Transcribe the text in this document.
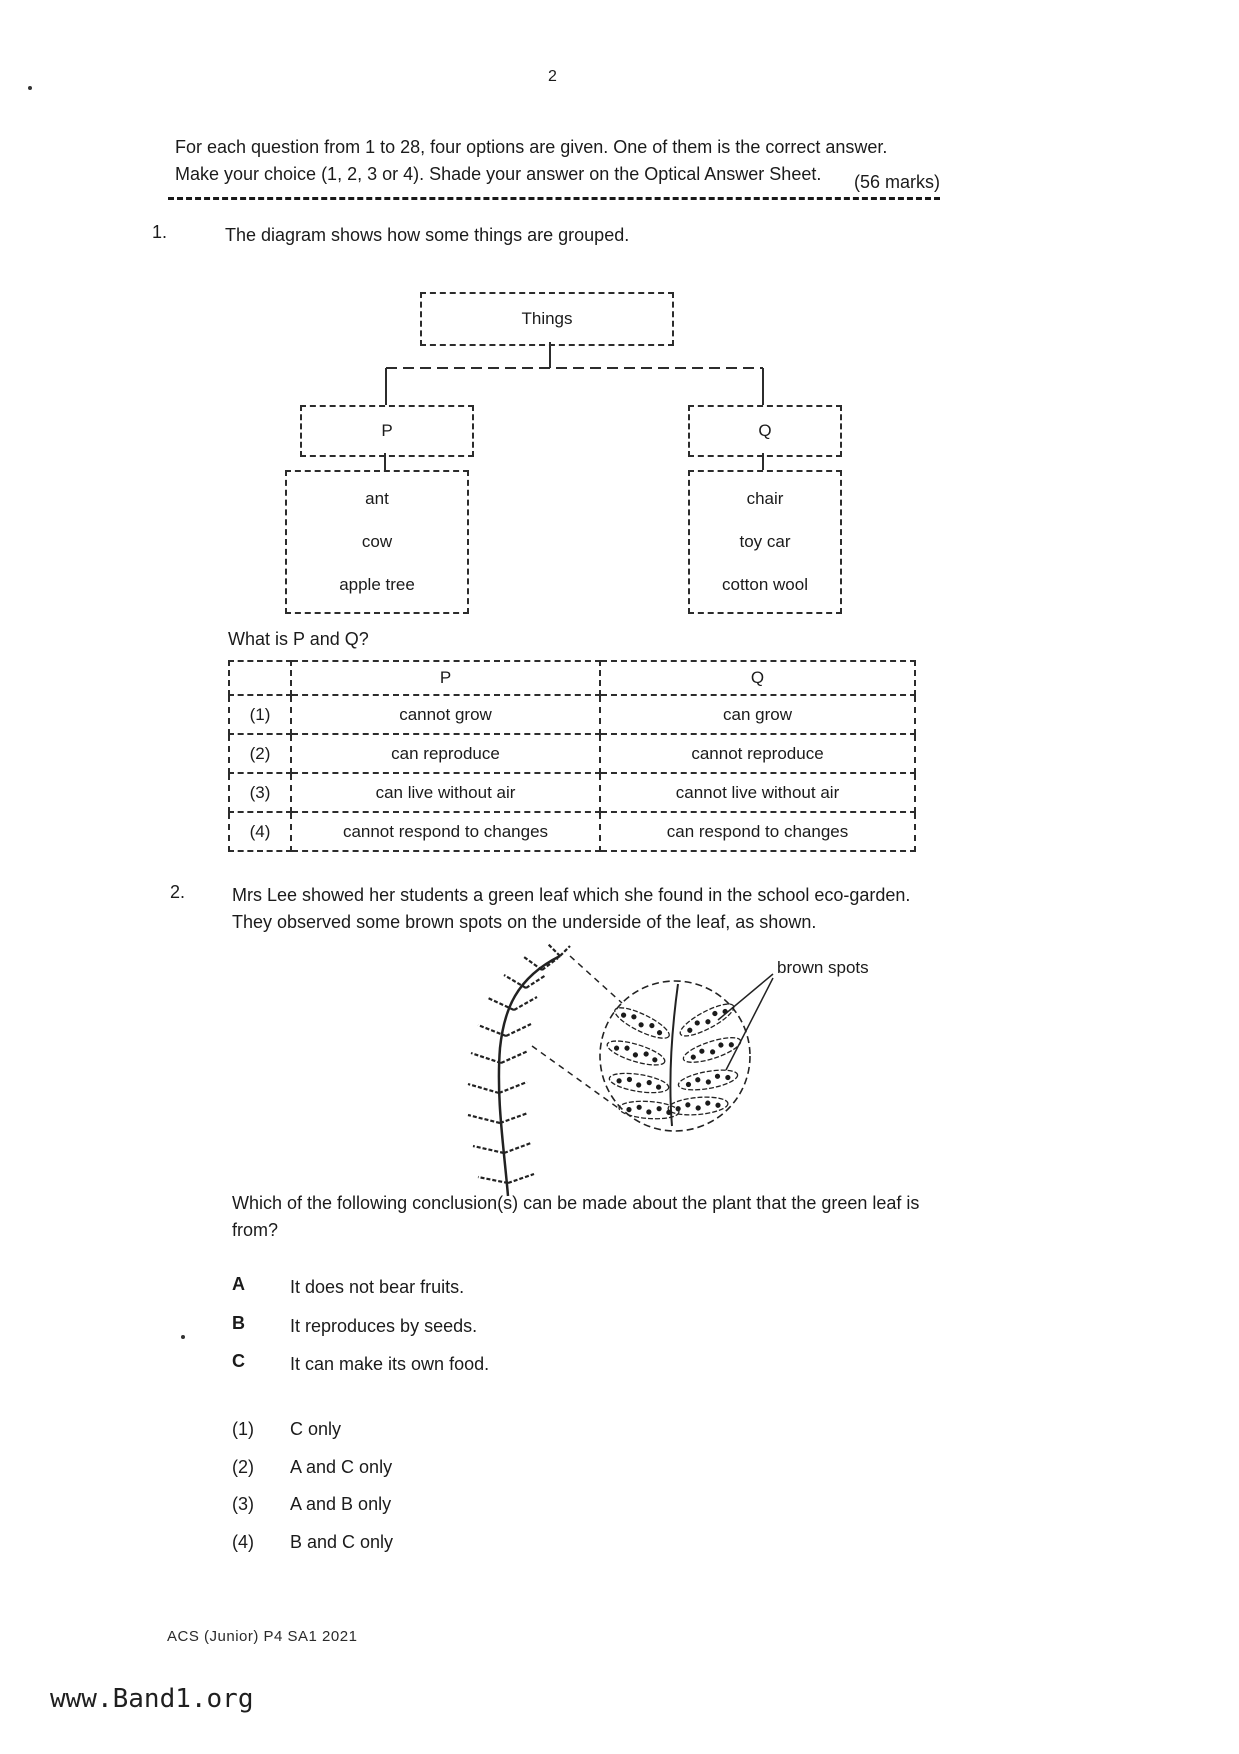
2
For each question from 1 to 28, four options are given. One of them is the correct answer.
Make your choice (1, 2, 3 or 4). Shade your answer on the Optical Answer Sheet.	(56 marks)
1.	The diagram shows how some things are grouped.
Things
P	Q
ant
cow
apple tree
chair
toy car
cotton wool
What is P and Q?
	P	Q
(1)	cannot grow	can grow
(2)	can reproduce	cannot reproduce
(3)	can live without air	cannot live without air
(4)	cannot respond to changes	can respond to changes
2.	Mrs Lee showed her students a green leaf which she found in the school eco-garden.
They observed some brown spots on the underside of the leaf, as shown.
brown spots
Which of the following conclusion(s) can be made about the plant that the green leaf is
from?
A	It does not bear fruits.
B	It reproduces by seeds.
C	It can make its own food.
(1) C only
(2) A and C only
(3) A and B only
(4) B and C only
ACS (Junior) P4 SA1 2021
www.Band1.org
